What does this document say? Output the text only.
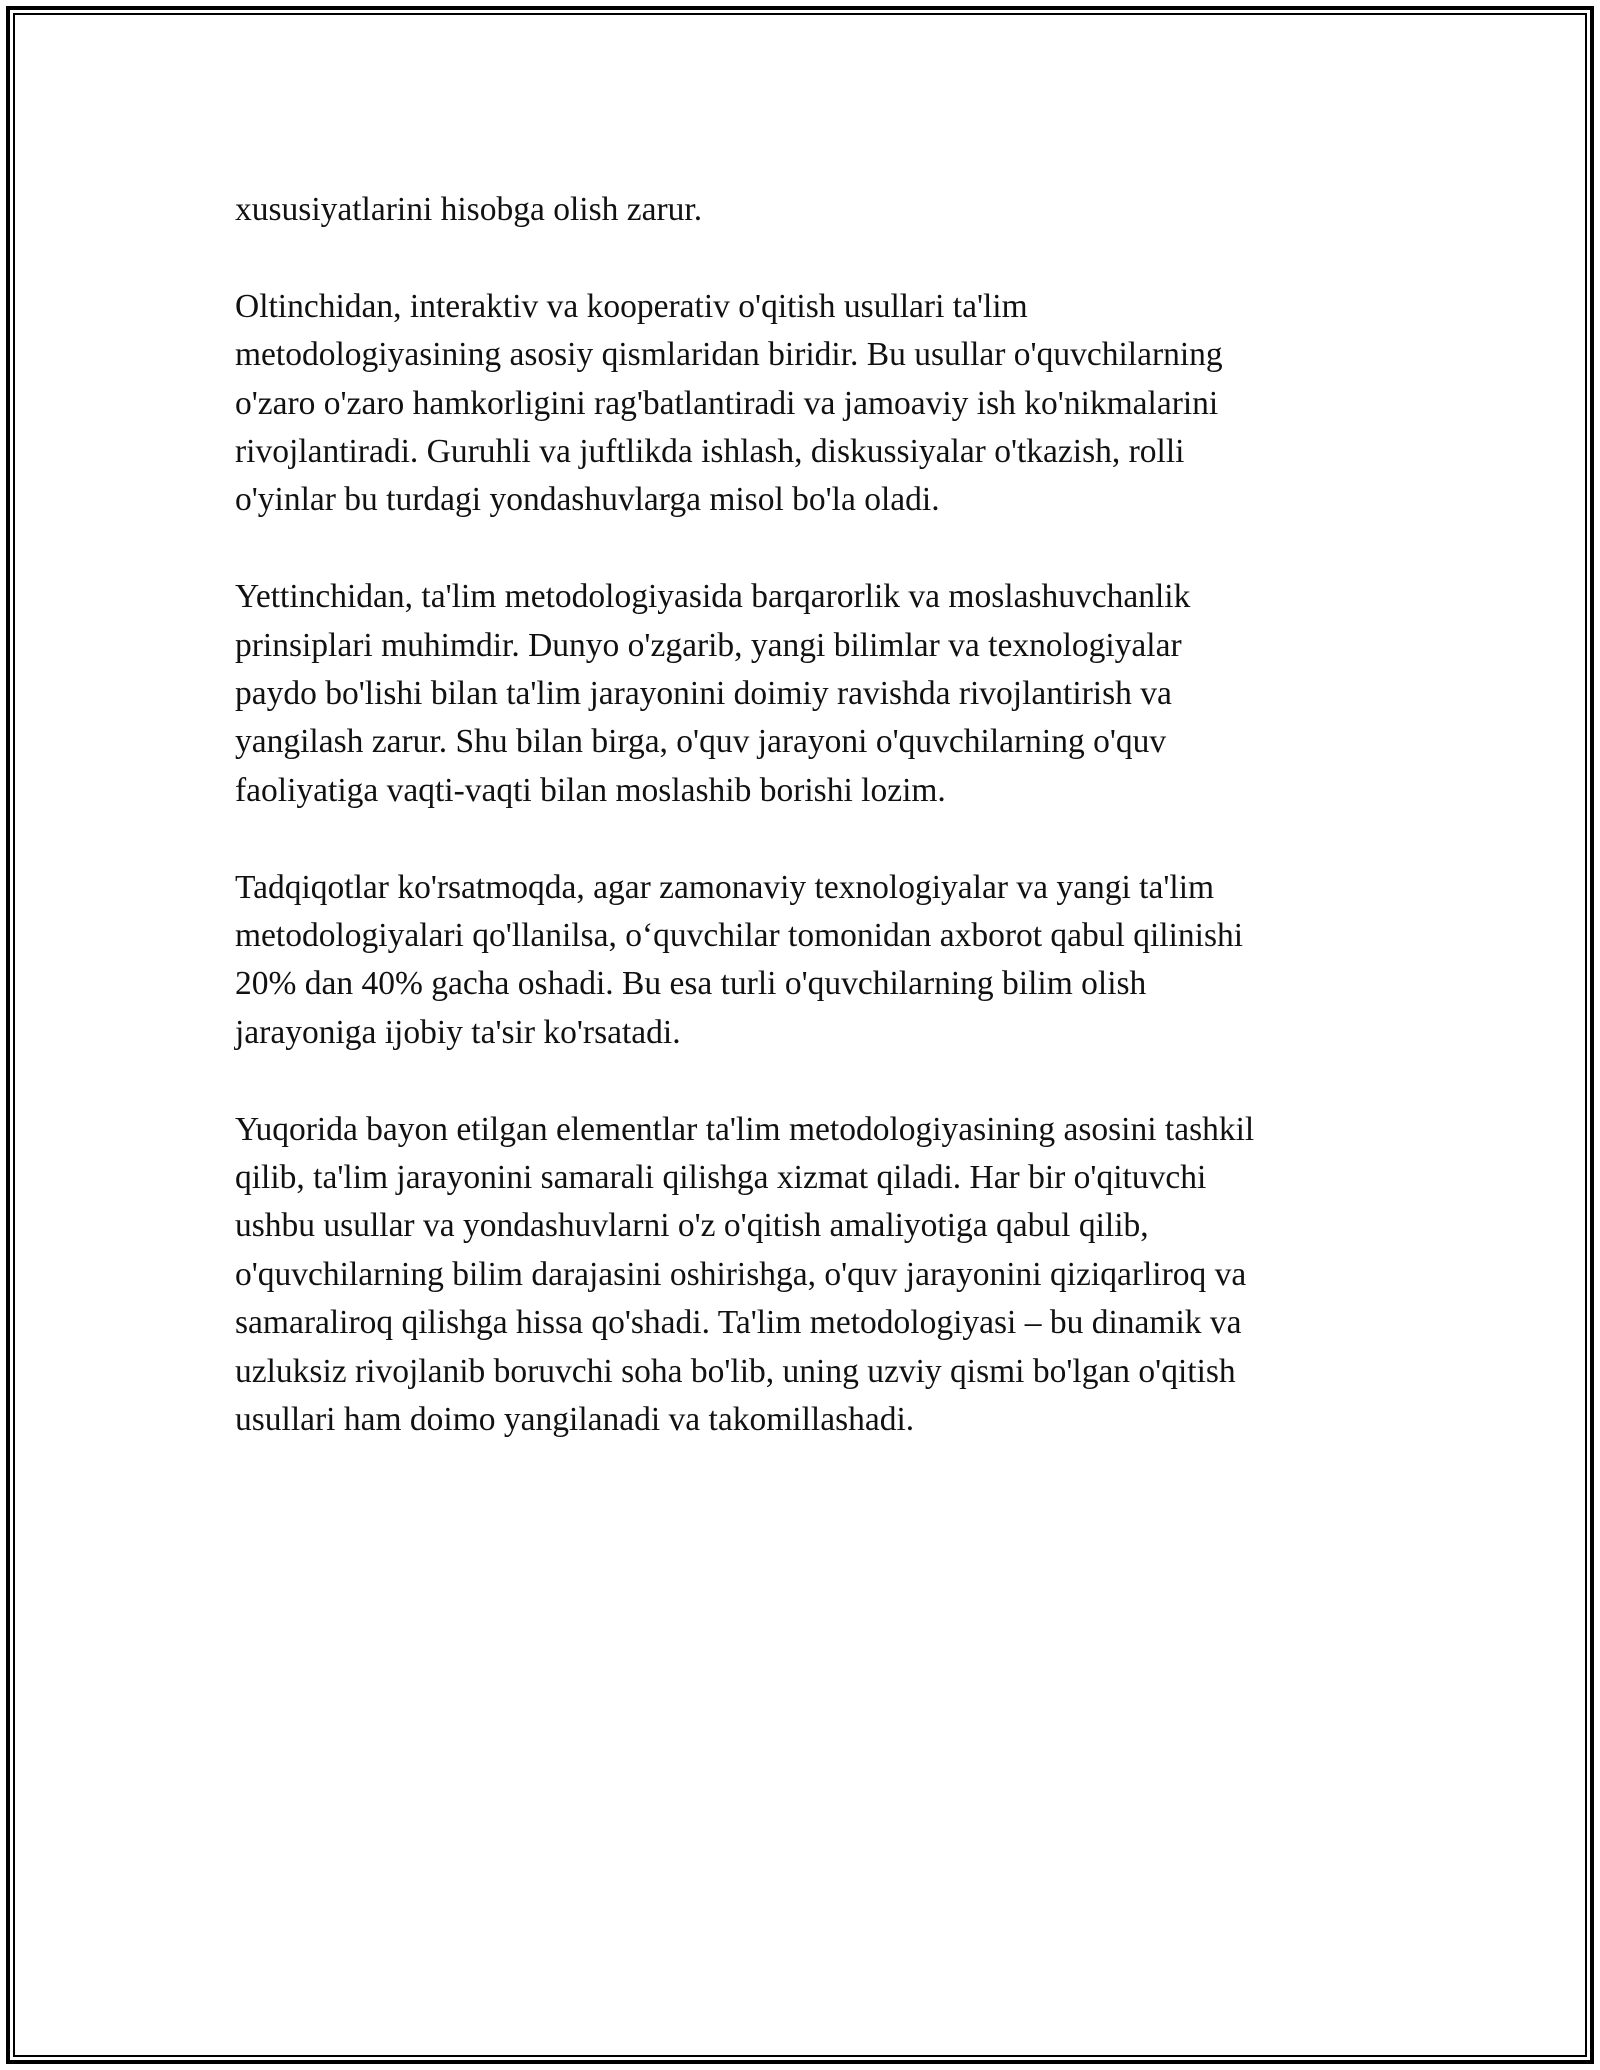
xususiyatlarini hisobga olish zarur.

Oltinchidan, interaktiv va kooperativ o'qitish usullari ta'lim
metodologiyasining asosiy qismlaridan biridir. Bu usullar o'quvchilarning
o'zaro o'zaro hamkorligini rag'batlantiradi va jamoaviy ish ko'nikmalarini
rivojlantiradi. Guruhli va juftlikda ishlash, diskussiyalar o'tkazish, rolli
o'yinlar bu turdagi yondashuvlarga misol bo'la oladi.

Yettinchidan, ta'lim metodologiyasida barqarorlik va moslashuvchanlik
prinsiplari muhimdir. Dunyo o'zgarib, yangi bilimlar va texnologiyalar
paydo bo'lishi bilan ta'lim jarayonini doimiy ravishda rivojlantirish va
yangilash zarur. Shu bilan birga, o'quv jarayoni o'quvchilarning o'quv
faoliyatiga vaqti-vaqti bilan moslashib borishi lozim.

Tadqiqotlar ko'rsatmoqda, agar zamonaviy texnologiyalar va yangi ta'lim
metodologiyalari qo'llanilsa, o‘quvchilar tomonidan axborot qabul qilinishi
20% dan 40% gacha oshadi. Bu esa turli o'quvchilarning bilim olish
jarayoniga ijobiy ta'sir ko'rsatadi.

Yuqorida bayon etilgan elementlar ta'lim metodologiyasining asosini tashkil
qilib, ta'lim jarayonini samarali qilishga xizmat qiladi. Har bir o'qituvchi
ushbu usullar va yondashuvlarni o'z o'qitish amaliyotiga qabul qilib,
o'quvchilarning bilim darajasini oshirishga, o'quv jarayonini qiziqarliroq va
samaraliroq qilishga hissa qo'shadi. Ta'lim metodologiyasi – bu dinamik va
uzluksiz rivojlanib boruvchi soha bo'lib, uning uzviy qismi bo'lgan o'qitish
usullari ham doimo yangilanadi va takomillashadi.
